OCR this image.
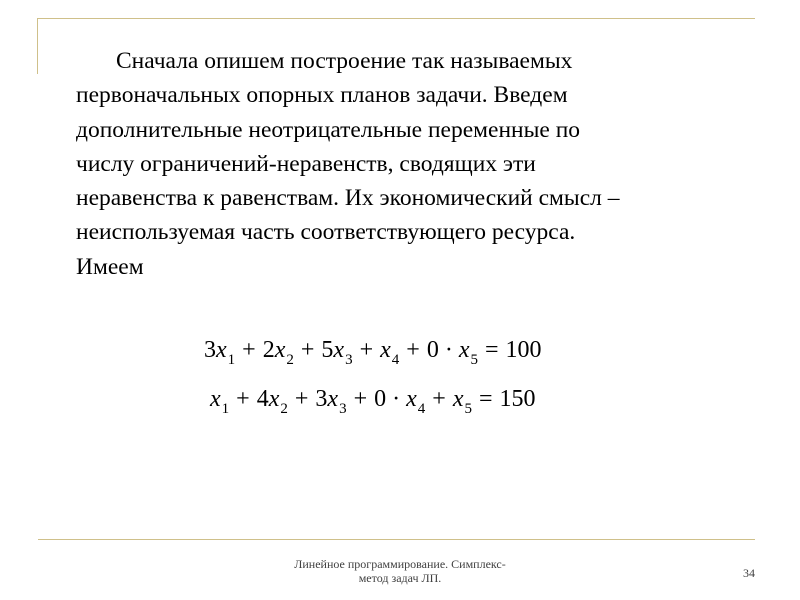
Сначала опишем построение так называемых
первоначальных опорных планов задачи. Введем
дополнительные неотрицательные переменные по
числу ограничений-неравенств, сводящих эти
неравенства к равенствам. Их экономический смысл –
неиспользуемая часть соответствующего ресурса.
Имеем
3x1 + 2x2 + 5x3 + x4 + 0 · x5 = 100
x1 + 4x2 + 3x3 + 0 · x4 + x5 = 150
Линейное программирование. Симплекс-
метод задач ЛП.	34
